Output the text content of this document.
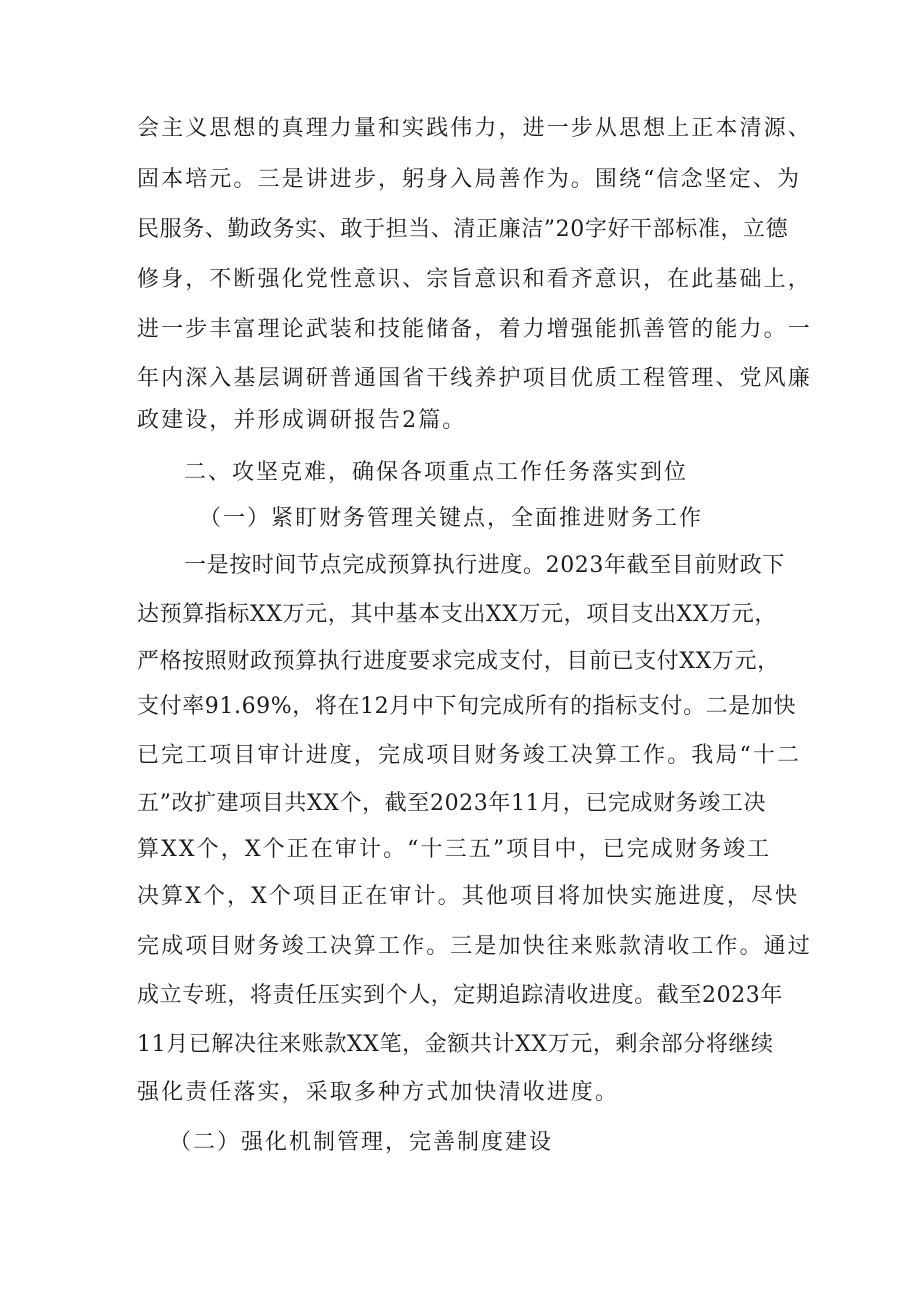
会主义思想的真理力量和实践伟力，进一步从思想上正本清源、
固本培元。三是讲进步，躬身入局善作为。围绕“信念坚定、为
民服务、勤政务实、敢于担当、清正廉洁”20字好干部标准，立德
修身，不断强化党性意识、宗旨意识和看齐意识，在此基础上，
进一步丰富理论武装和技能储备，着力增强能抓善管的能力。一
年内深入基层调研普通国省干线养护项目优质工程管理、党风廉
政建设，并形成调研报告2篇。
二、攻坚克难，确保各项重点工作任务落实到位
（一）紧盯财务管理关键点，全面推进财务工作
一是按时间节点完成预算执行进度。2023年截至目前财政下
达预算指标XX万元，其中基本支出XX万元，项目支出XX万元，
严格按照财政预算执行进度要求完成支付，目前已支付XX万元，
支付率91.69%，将在12月中下旬完成所有的指标支付。二是加快
已完工项目审计进度，完成项目财务竣工决算工作。我局“十二
五”改扩建项目共XX个，截至2023年11月，已完成财务竣工决
算XX个，X个正在审计。“十三五”项目中，已完成财务竣工
决算X个，X个项目正在审计。其他项目将加快实施进度，尽快
完成项目财务竣工决算工作。三是加快往来账款清收工作。通过
成立专班，将责任压实到个人，定期追踪清收进度。截至2023年
11月已解决往来账款XX笔，金额共计XX万元，剩余部分将继续
强化责任落实，采取多种方式加快清收进度。
（二）强化机制管理，完善制度建设
